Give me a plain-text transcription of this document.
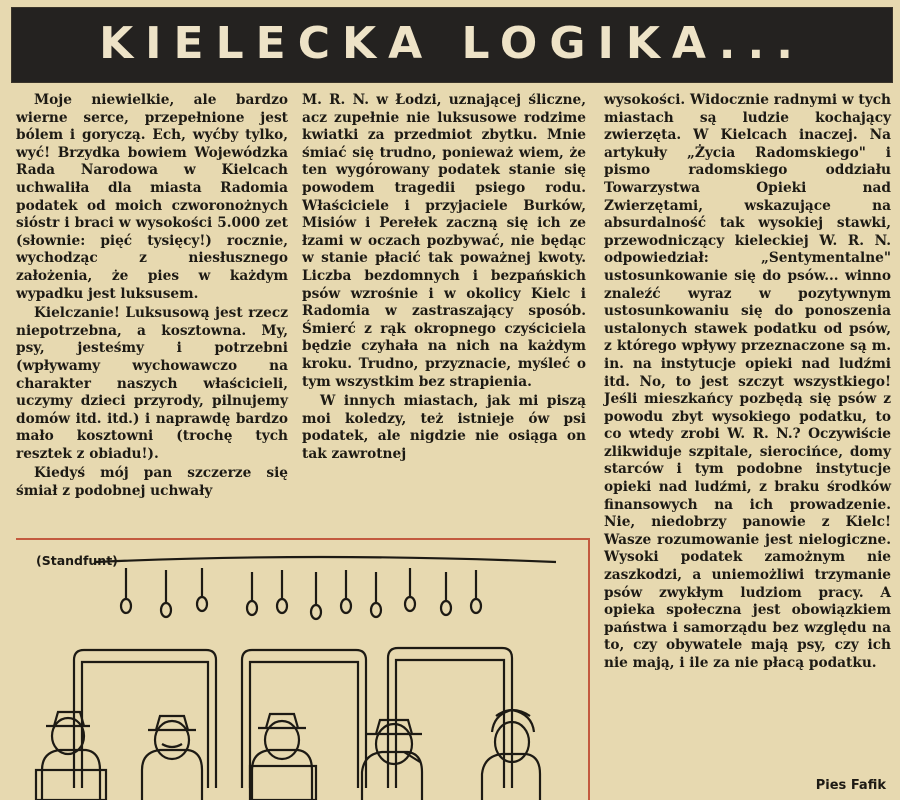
KIELECKA LOGIKA...

Moje niewielkie, ale bardzo wierne serce, przepełnione jest bólem i goryczą. Ech, wyćby tylko, wyć! Brzydka bowiem Wojewódzka Rada Narodowa w Kielcach uchwaliła dla miasta Radomia podatek od moich czworonożnych sióstr i braci w wysokości 5.000 zet (słownie: pięć tysięcy!) rocznie, wychodząc z niesłusznego założenia, że pies w każdym wypadku jest luksusem.

Kielczanie! Luksusową jest rzecz niepotrzebna, a kosztowna. My, psy, jesteśmy i potrzebni (wpływamy wychowawczo na charakter naszych właścicieli, uczymy dzieci przyrody, pilnujemy domów itd. itd.) i naprawdę bardzo mało kosztowni (trochę tych resztek z obiadu!).

Kiedyś mój pan szczerze się śmiał z podobnej uchwały

M. R. N. w Łodzi, uznającej śliczne, acz zupełnie nie luksusowe rodzime kwiatki za przedmiot zbytku. Mnie śmiać się trudno, ponieważ wiem, że ten wygórowany podatek stanie się powodem tragedii psiego rodu. Właściciele i przyjaciele Burków, Misiów i Perełek zaczną się ich ze łzami w oczach pozbywać, nie będąc w stanie płacić tak poważnej kwoty. Liczba bezdomnych i bezpańskich psów wzrośnie i w okolicy Kielc i Radomia w zastraszający sposób. Śmierć z rąk okropnego czyściciela będzie czyhała na nich na każdym kroku. Trudno, przyznacie, myśleć o tym wszystkim bez strapienia.

W innych miastach, jak mi piszą moi koledzy, też istnieje ów psi podatek, ale nigdzie nie osiąga on tak zawrotnej

wysokości. Widocznie radnymi w tych miastach są ludzie kochający zwierzęta. W Kielcach inaczej. Na artykuły „Życia Radomskiego" i pismo radomskiego oddziału Towarzystwa Opieki nad Zwierzętami, wskazujące na absurdalność tak wysokiej stawki, przewodniczący kieleckiej W. R. N. odpowiedział: „Sentymentalne" ustosunkowanie się do psów... winno znaleźć wyraz w pozytywnym ustosunkowaniu się do ponoszenia ustalonych stawek podatku od psów, z którego wpływy przeznaczone są m. in. na instytucje opieki nad ludźmi itd. No, to jest szczyt wszystkiego! Jeśli mieszkańcy pozbędą się psów z powodu zbyt wysokiego podatku, to co wtedy zrobi W. R. N.? Oczywiście zlikwiduje szpitale, sierocińce, domy starców i tym podobne instytucje opieki nad ludźmi, z braku środków finansowych na ich prowadzenie. Nie, niedobrzy panowie z Kielc! Wasze rozumowanie jest nielogiczne. Wysoki podatek zamożnym nie zaszkodzi, a uniemożliwi trzymanie psów zwykłym ludziom pracy. A opieka społeczna jest obowiązkiem państwa i samorządu bez względu na to, czy obywatele mają psy, czy ich nie mają, i ile za nie płacą podatku.

Pies Fafik
(Standfunt)
